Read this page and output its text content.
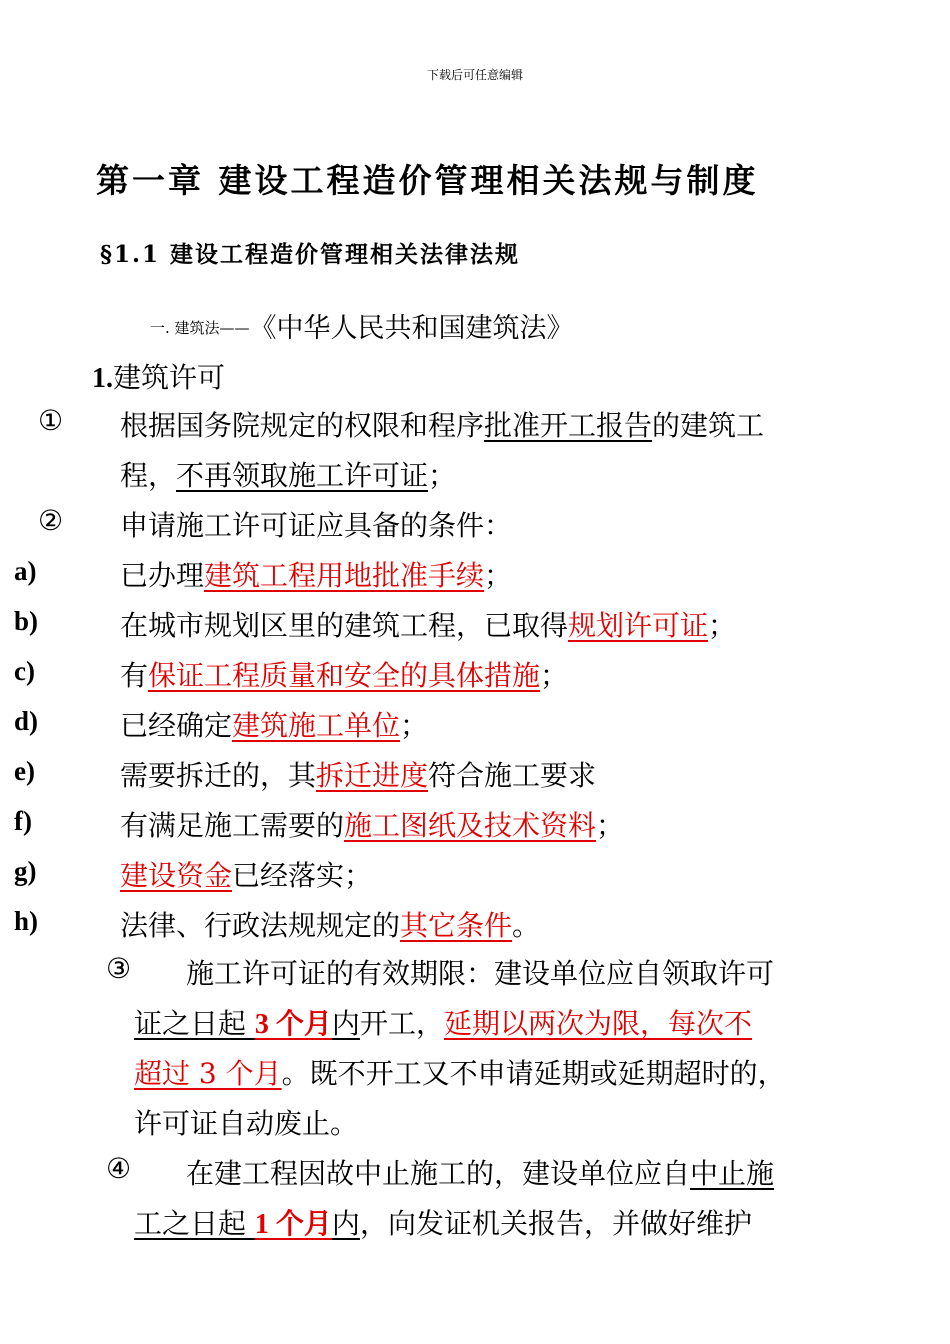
下载后可任意编辑
第一章 建设工程造价管理相关法规与制度
§1.1 建设工程造价管理相关法律法规
一. 建筑法——《中华人民共和国建筑法》
1.建筑许可
① 根据国务院规定的权限和程序批准开工报告的建筑工
程，不再领取施工许可证；
② 申请施工许可证应具备的条件：
a)	已办理建筑工程用地批准手续；
b)	在城市规划区里的建筑工程，已取得规划许可证；
c)	有保证工程质量和安全的具体措施；
d)	已经确定建筑施工单位；
e)	需要拆迁的，其拆迁进度符合施工要求
f)	有满足施工需要的施工图纸及技术资料；
g)	建设资金已经落实；
h)	法律、行政法规规定的其它条件。
③ 施工许可证的有效期限：建设单位应自领取许可
证之日起 3 个月内开工，延期以两次为限，每次不
超过 3 个月。既不开工又不申请延期或延期超时的，
许可证自动废止。
④ 在建工程因故中止施工的，建设单位应自中止施
工之日起 1 个月内，向发证机关报告，并做好维护
